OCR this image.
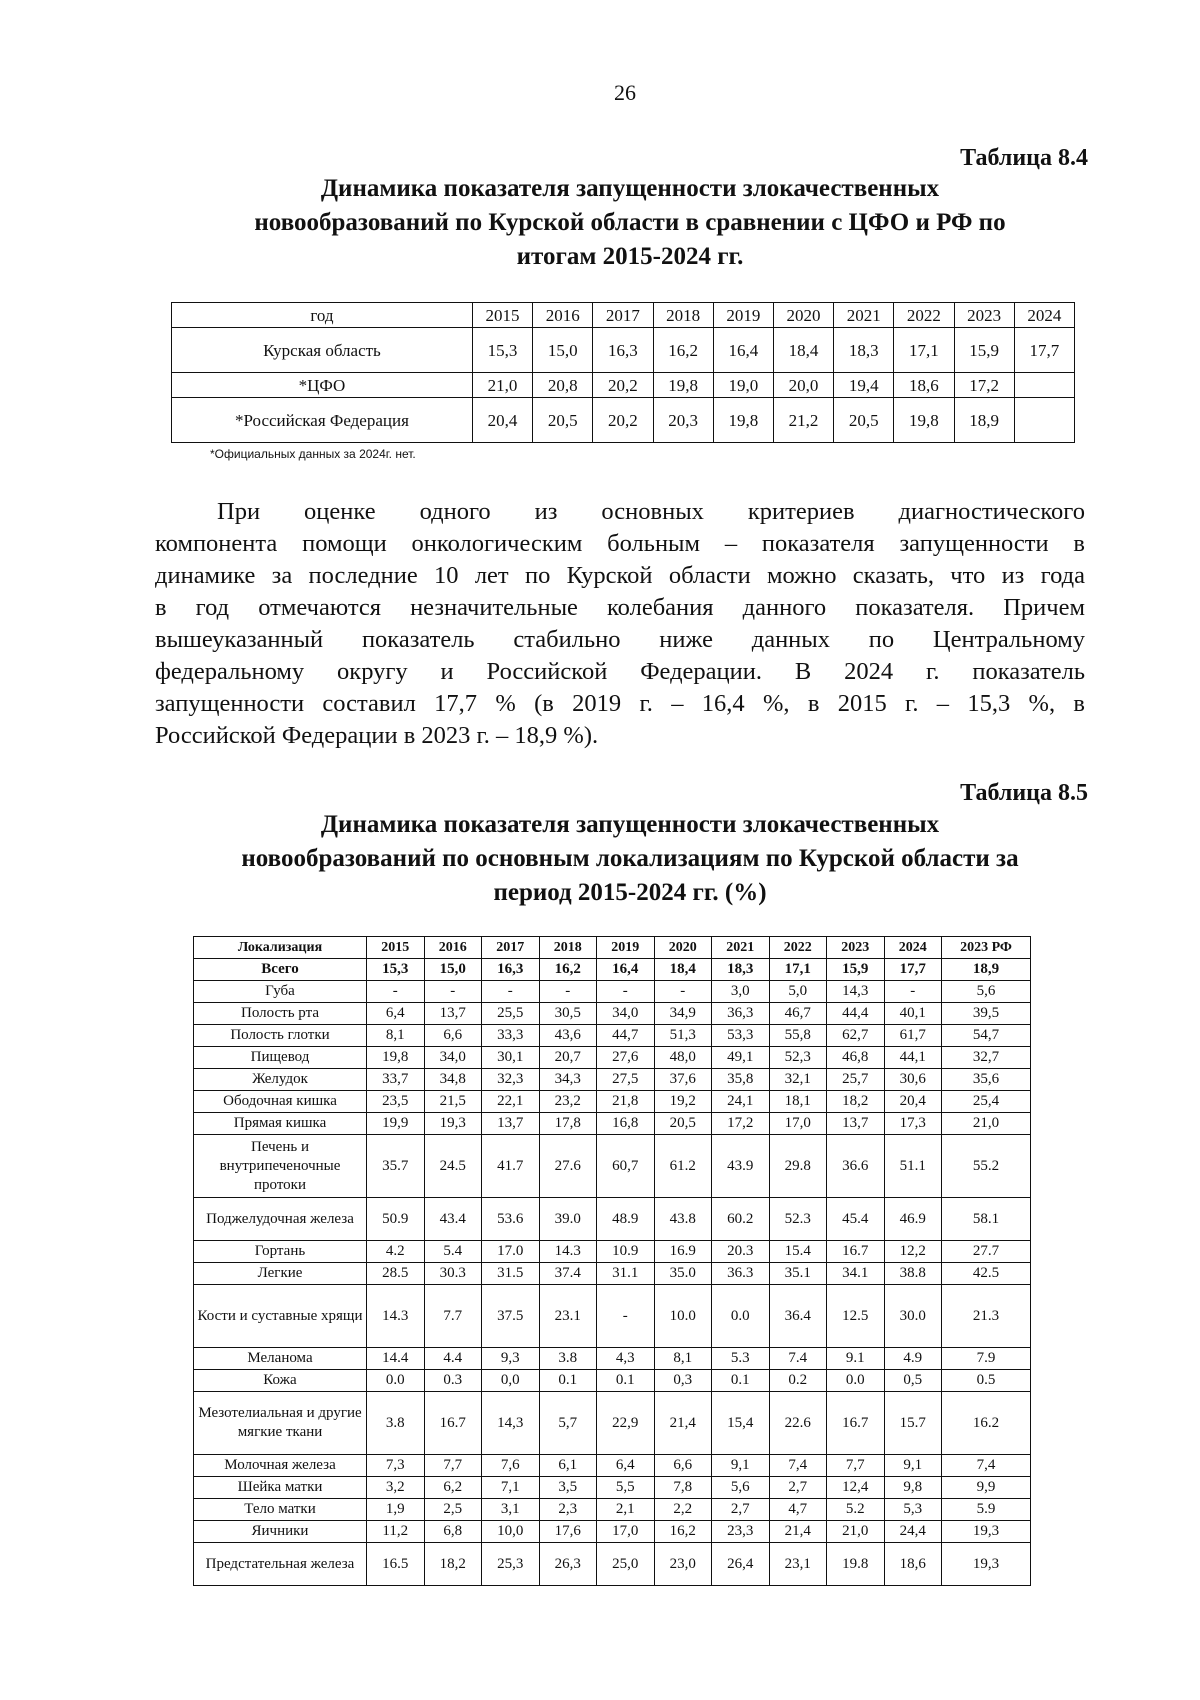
26
Таблица 8.4
Динамика показателя запущенности злокачественных
новообразований по Курской области в сравнении с ЦФО и РФ по
итогам 2015-2024 гг.
год	2015	2016	2017	2018	2019	2020	2021	2022	2023	2024
Курская область	15,3	15,0	16,3	16,2	16,4	18,4	18,3	17,1	15,9	17,7
*ЦФО	21,0	20,8	20,2	19,8	19,0	20,0	19,4	18,6	17,2	
*Российская Федерация	20,4	20,5	20,2	20,3	19,8	21,2	20,5	19,8	18,9	
*Официальных данных за 2024г. нет.
При оценке одного из основных критериев диагностического
компонента помощи онкологическим больным – показателя запущенности в
динамике за последние 10 лет по Курской области можно сказать, что из года
в год отмечаются незначительные колебания данного показателя. Причем
вышеуказанный показатель стабильно ниже данных по Центральному
федеральному округу и Российской Федерации. В 2024 г. показатель
запущенности составил 17,7 % (в 2019 г. – 16,4 %, в 2015 г. – 15,3 %, в
Российской Федерации в 2023 г. – 18,9 %).
Таблица 8.5
Динамика показателя запущенности злокачественных
новообразований по основным локализациям по Курской области за
период 2015-2024 гг. (%)
Локализация	2015	2016	2017	2018	2019	2020	2021	2022	2023	2024	2023 РФ
Всего	15,3	15,0	16,3	16,2	16,4	18,4	18,3	17,1	15,9	17,7	18,9
Губа	-	-	-	-	-	-	3,0	5,0	14,3	-	5,6
Полость рта	6,4	13,7	25,5	30,5	34,0	34,9	36,3	46,7	44,4	40,1	39,5
Полость глотки	8,1	6,6	33,3	43,6	44,7	51,3	53,3	55,8	62,7	61,7	54,7
Пищевод	19,8	34,0	30,1	20,7	27,6	48,0	49,1	52,3	46,8	44,1	32,7
Желудок	33,7	34,8	32,3	34,3	27,5	37,6	35,8	32,1	25,7	30,6	35,6
Ободочная кишка	23,5	21,5	22,1	23,2	21,8	19,2	24,1	18,1	18,2	20,4	25,4
Прямая кишка	19,9	19,3	13,7	17,8	16,8	20,5	17,2	17,0	13,7	17,3	21,0
Печень и внутрипеченочные протоки	35.7	24.5	41.7	27.6	60,7	61.2	43.9	29.8	36.6	51.1	55.2
Поджелудочная железа	50.9	43.4	53.6	39.0	48.9	43.8	60.2	52.3	45.4	46.9	58.1
Гортань	4.2	5.4	17.0	14.3	10.9	16.9	20.3	15.4	16.7	12,2	27.7
Легкие	28.5	30.3	31.5	37.4	31.1	35.0	36.3	35.1	34.1	38.8	42.5
Кости и суставные хрящи	14.3	7.7	37.5	23.1	-	10.0	0.0	36.4	12.5	30.0	21.3
Меланома	14.4	4.4	9,3	3.8	4,3	8,1	5.3	7.4	9.1	4.9	7.9
Кожа	0.0	0.3	0,0	0.1	0.1	0,3	0.1	0.2	0.0	0,5	0.5
Мезотелиальная и другие мягкие ткани	3.8	16.7	14,3	5,7	22,9	21,4	15,4	22.6	16.7	15.7	16.2
Молочная железа	7,3	7,7	7,6	6,1	6,4	6,6	9,1	7,4	7,7	9,1	7,4
Шейка матки	3,2	6,2	7,1	3,5	5,5	7,8	5,6	2,7	12,4	9,8	9,9
Тело матки	1,9	2,5	3,1	2,3	2,1	2,2	2,7	4,7	5.2	5,3	5.9
Яичники	11,2	6,8	10,0	17,6	17,0	16,2	23,3	21,4	21,0	24,4	19,3
Предстательная железа	16.5	18,2	25,3	26,3	25,0	23,0	26,4	23,1	19.8	18,6	19,3
